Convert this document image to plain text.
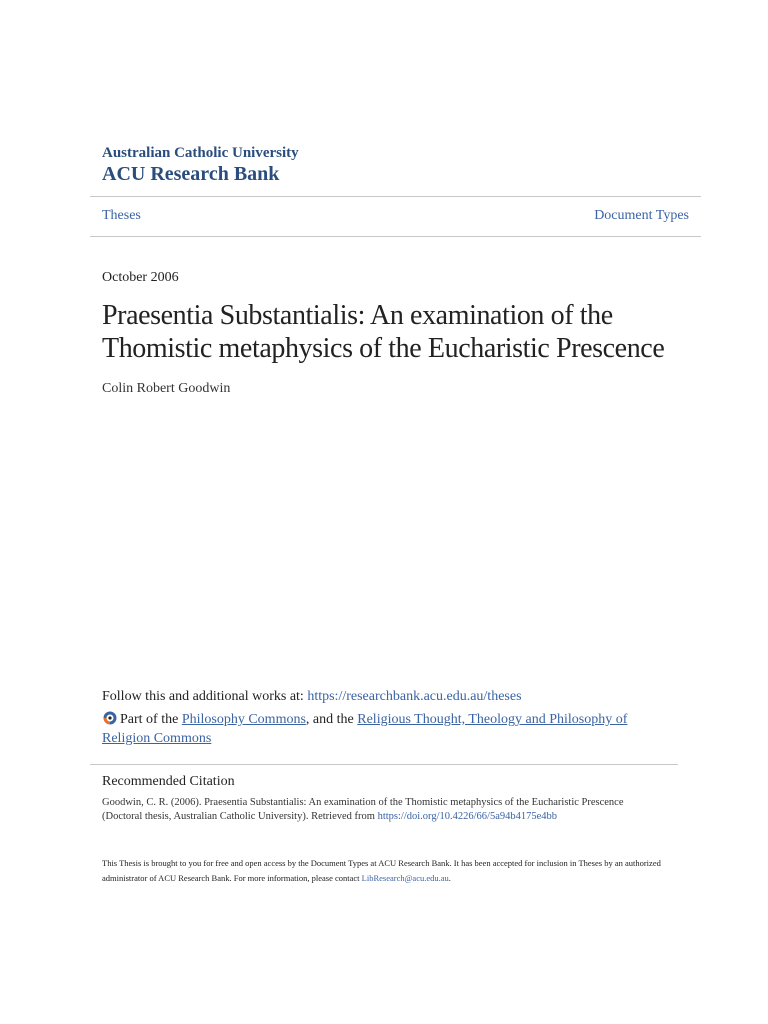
Australian Catholic University
ACU Research Bank
Theses	Document Types
October 2006
Praesentia Substantialis: An examination of the Thomistic metaphysics of the Eucharistic Prescence
Colin Robert Goodwin
Follow this and additional works at: https://researchbank.acu.edu.au/theses
Part of the Philosophy Commons, and the Religious Thought, Theology and Philosophy of Religion Commons
Recommended Citation
Goodwin, C. R. (2006). Praesentia Substantialis: An examination of the Thomistic metaphysics of the Eucharistic Prescence (Doctoral thesis, Australian Catholic University). Retrieved from https://doi.org/10.4226/66/5a94b4175e4bb
This Thesis is brought to you for free and open access by the Document Types at ACU Research Bank. It has been accepted for inclusion in Theses by an authorized administrator of ACU Research Bank. For more information, please contact LibResearch@acu.edu.au.
